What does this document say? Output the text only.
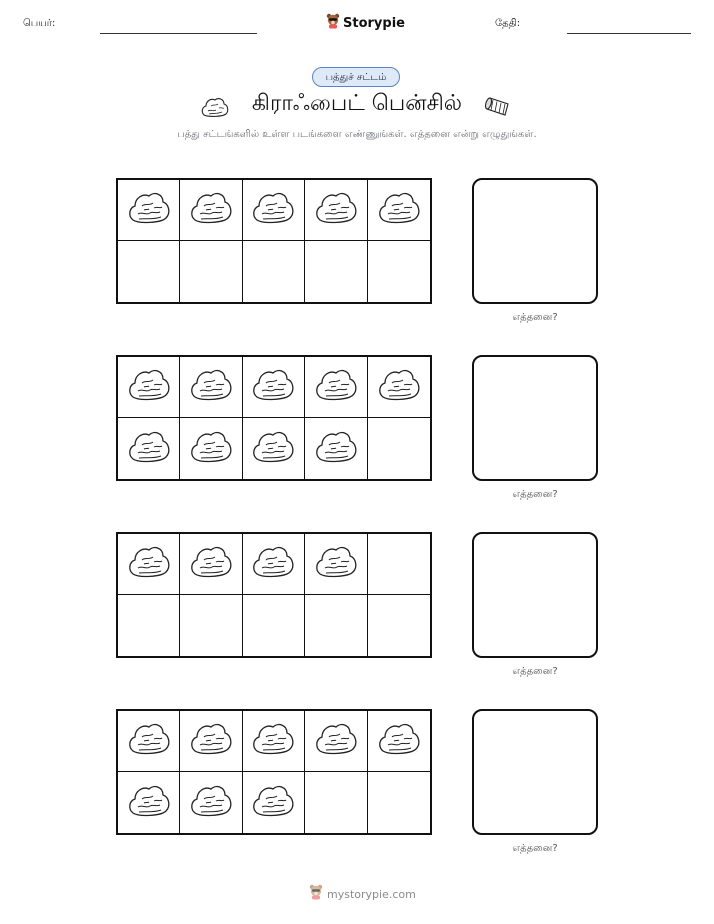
பெயர்:	Storypie	தேதி:
பத்துச் சட்டம்
கிராஃபைட் பென்சில்
பத்து சட்டங்களில் உள்ள படங்களை எண்ணுங்கள். எத்தனை என்று எழுதுங்கள்.
எத்தனை?
எத்தனை?
எத்தனை?
எத்தனை?
mystorypie.com
